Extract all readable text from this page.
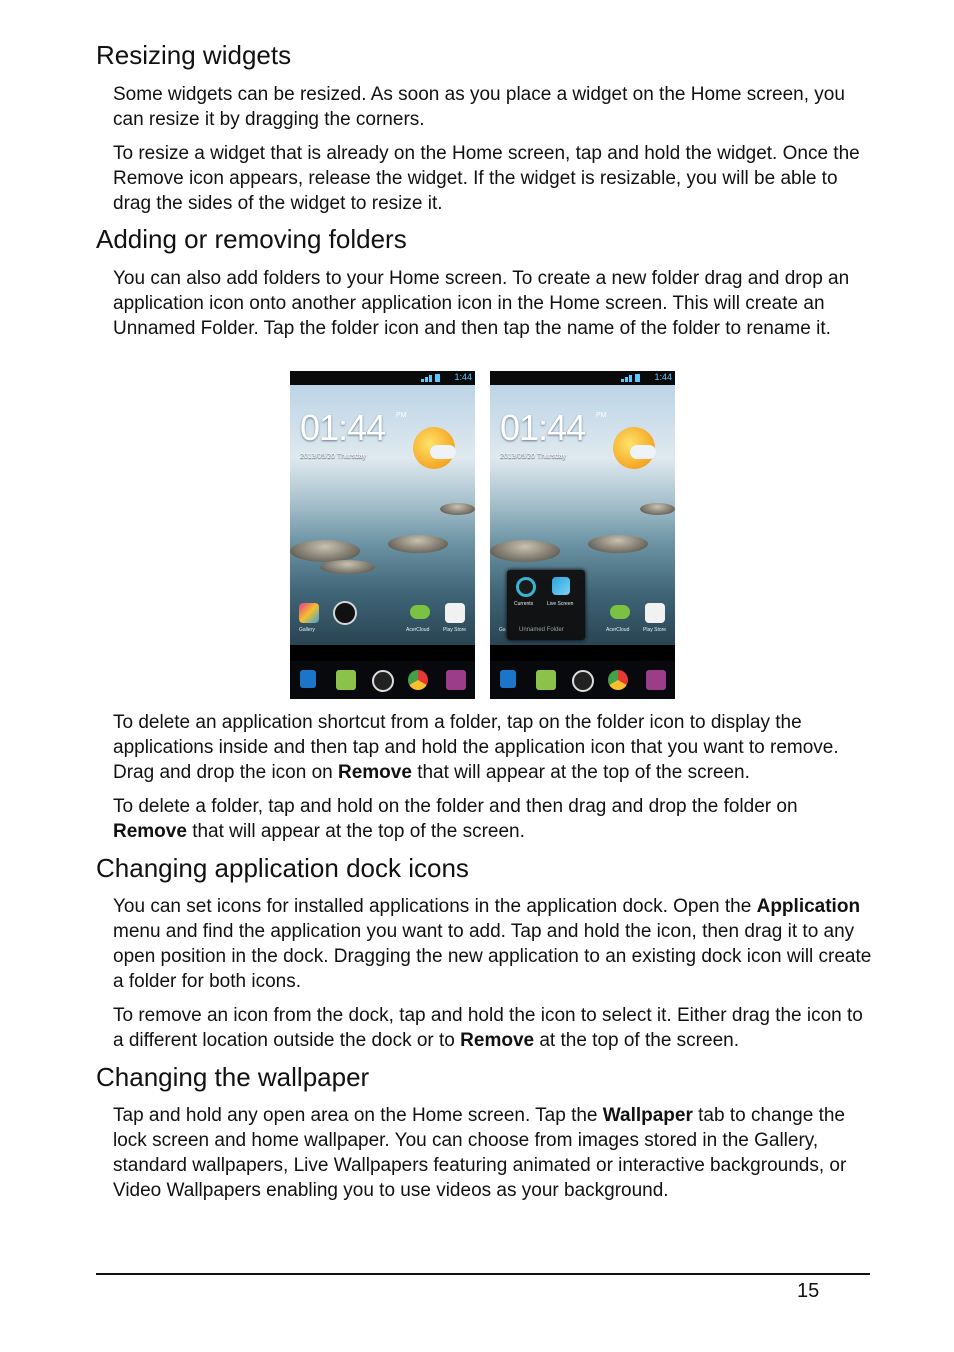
Resizing widgets

Some widgets can be resized. As soon as you place a widget on the Home screen, you can resize it by dragging the corners.

To resize a widget that is already on the Home screen, tap and hold the widget. Once the Remove icon appears, release the widget. If the widget is resizable, you will be able to drag the sides of the widget to resize it.

Adding or removing folders

You can also add folders to your Home screen. To create a new folder drag and drop an application icon onto another application icon in the Home screen. This will create an Unnamed Folder. Tap the folder icon and then tap the name of the folder to rename it.

1:44
01:44 PM
2013/05/20 Thursday
Gallery	AcerCloud	Play Store
1:44
01:44 PM
2013/05/20 Thursday
Ga	AcerCloud	Play Store
Currents	Live Screen
Unnamed Folder

To delete an application shortcut from a folder, tap on the folder icon to display the applications inside and then tap and hold the application icon that you want to remove. Drag and drop the icon on Remove that will appear at the top of the screen.

To delete a folder, tap and hold on the folder and then drag and drop the folder on Remove that will appear at the top of the screen.

Changing application dock icons

You can set icons for installed applications in the application dock. Open the Application menu and find the application you want to add. Tap and hold the icon, then drag it to any open position in the dock. Dragging the new application to an existing dock icon will create a folder for both icons.

To remove an icon from the dock, tap and hold the icon to select it. Either drag the icon to a different location outside the dock or to Remove at the top of the screen.

Changing the wallpaper

Tap and hold any open area on the Home screen. Tap the Wallpaper tab to change the lock screen and home wallpaper. You can choose from images stored in the Gallery, standard wallpapers, Live Wallpapers featuring animated or interactive backgrounds, or Video Wallpapers enabling you to use videos as your background.

15
